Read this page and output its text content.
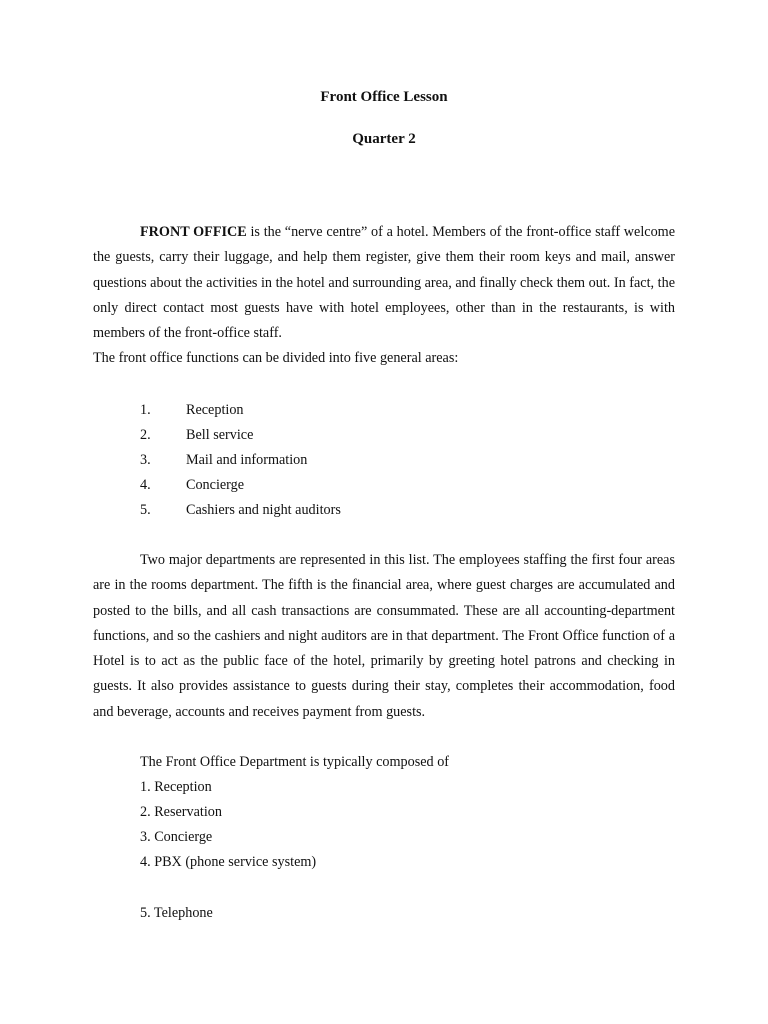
Front Office Lesson
Quarter 2

FRONT OFFICE is the “nerve centre” of a hotel. Members of the front-office staff welcome the guests, carry their luggage, and help them register, give them their room keys and mail, answer questions about the activities in the hotel and surrounding area, and finally check them out. In fact, the only direct contact most guests have with hotel employees, other than in the restaurants, is with members of the front-office staff.
The front office functions can be divided into five general areas:

1. Reception
2. Bell service
3. Mail and information
4. Concierge
5. Cashiers and night auditors

Two major departments are represented in this list. The employees staffing the first four areas are in the rooms department. The fifth is the financial area, where guest charges are accumulated and posted to the bills, and all cash transactions are consummated. These are all accounting-department functions, and so the cashiers and night auditors are in that department. The Front Office function of a Hotel is to act as the public face of the hotel, primarily by greeting hotel patrons and checking in guests. It also provides assistance to guests during their stay, completes their accommodation, food and beverage, accounts and receives payment from guests.

The Front Office Department is typically composed of

1. Reception

2. Reservation

3. Concierge

4. PBX (phone service system)

5. Telephone
